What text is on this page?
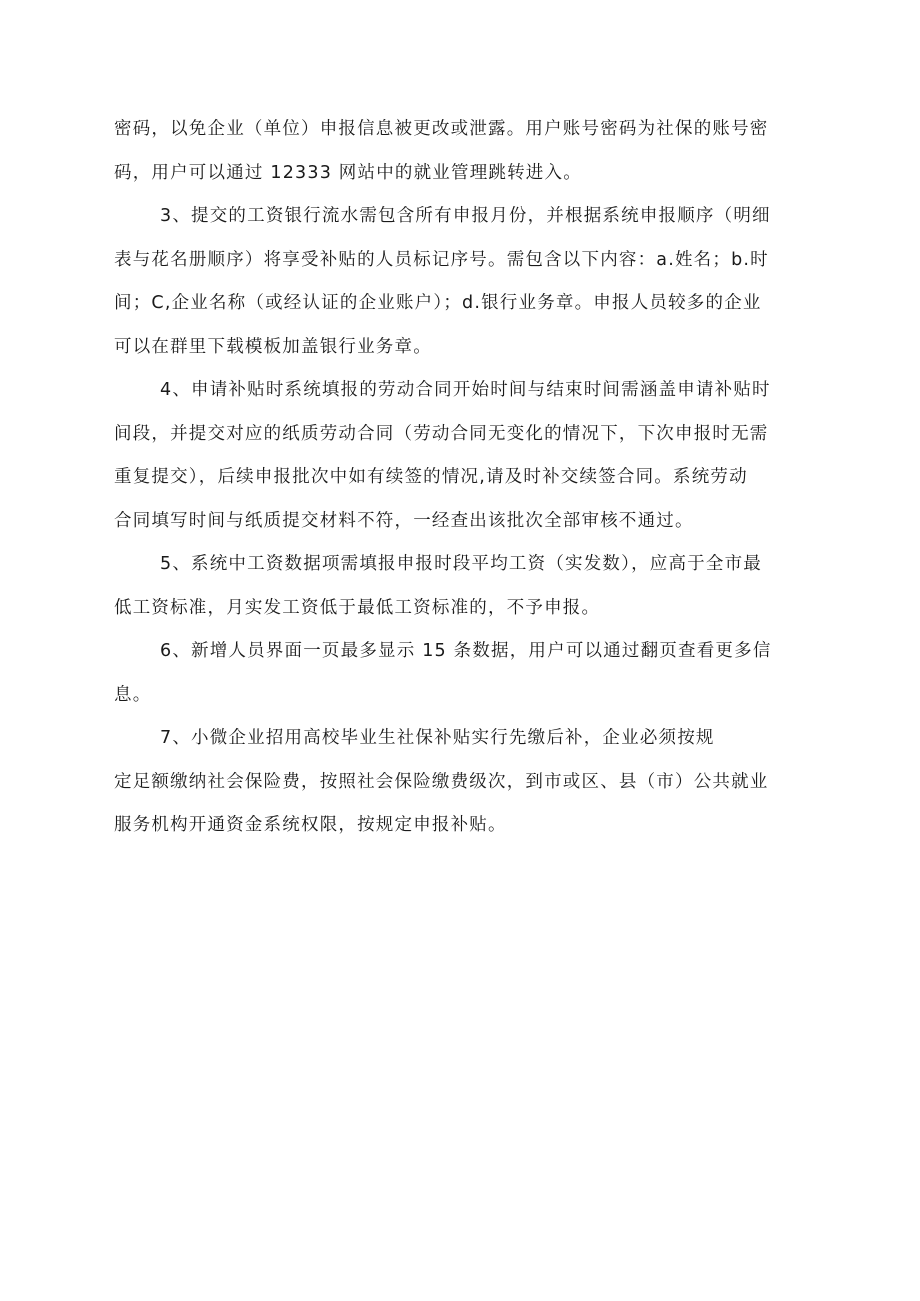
密码，以免企业（单位）申报信息被更改或泄露。用户账号密码为社保的账号密
码，用户可以通过 12333 网站中的就业管理跳转进入。

3、提交的工资银行流水需包含所有申报月份，并根据系统申报顺序（明细
表与花名册顺序）将享受补贴的人员标记序号。需包含以下内容：a.姓名；b.时
间；C,企业名称（或经认证的企业账户）；d.银行业务章。申报人员较多的企业
可以在群里下载模板加盖银行业务章。

4、申请补贴时系统填报的劳动合同开始时间与结束时间需涵盖申请补贴时
间段，并提交对应的纸质劳动合同（劳动合同无变化的情况下，下次申报时无需
重复提交），后续申报批次中如有续签的情况,请及时补交续签合同。系统劳动
合同填写时间与纸质提交材料不符，一经查出该批次全部审核不通过。

5、系统中工资数据项需填报申报时段平均工资（实发数），应高于全市最
低工资标准，月实发工资低于最低工资标准的，不予申报。

6、新增人员界面一页最多显示 15 条数据，用户可以通过翻页查看更多信
息。

7、小微企业招用高校毕业生社保补贴实行先缴后补，企业必须按规
定足额缴纳社会保险费，按照社会保险缴费级次，到市或区、县（市）公共就业
服务机构开通资金系统权限，按规定申报补贴。
